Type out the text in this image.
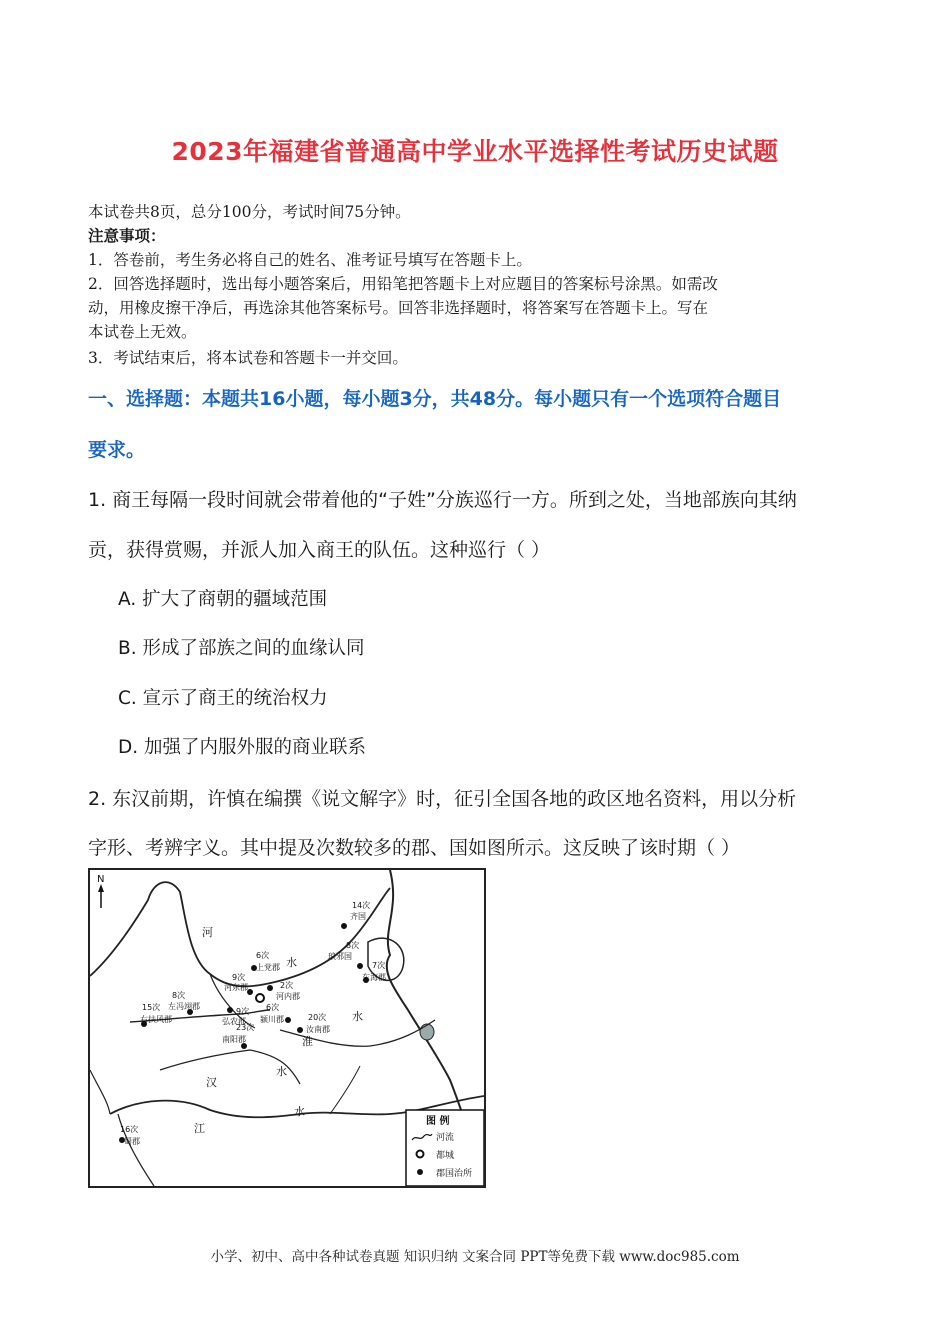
2023年福建省普通高中学业水平选择性考试历史试题
本试卷共8页，总分100分，考试时间75分钟。
注意事项：
1．答卷前，考生务必将自己的姓名、准考证号填写在答题卡上。
2．回答选择题时，选出每小题答案后，用铅笔把答题卡上对应题目的答案标号涂黑。如需改
动，用橡皮擦干净后，再选涂其他答案标号。回答非选择题时，将答案写在答题卡上。写在
本试卷上无效。
3．考试结束后，将本试卷和答题卡一并交回。
一、选择题：本题共16小题，每小题3分，共48分。每小题只有一个选项符合题目
要求。
1. 商王每隔一段时间就会带着他的“子姓”分族巡行一方。所到之处，当地部族向其纳
贡，获得赏赐，并派人加入商王的队伍。这种巡行（ ）
A. 扩大了商朝的疆域范围
B. 形成了部族之间的血缘认同
C. 宣示了商王的统治权力
D. 加强了内服外服的商业联系
2. 东汉前期，许慎在编撰《说文解字》时，征引全国各地的政区地名资料，用以分析
字形、考辨字义。其中提及次数较多的郡、国如图所示。这反映了该时期（ ）
N
河
水
水
汉
水
江
水
淮
14次
齐国
8次
琅邪国
7次
东海郡
6次
上党郡
9次
河东郡	2次
河内郡
8次
左冯翊郡
15次
右扶风郡
9次
弘农郡
6次
颍川郡	20次
汝南郡
23次
南阳郡
16次
蜀郡
图 例
河流
都城
郡国治所
小学、初中、高中各种试卷真题 知识归纳 文案合同 PPT等免费下载 www.doc985.com
